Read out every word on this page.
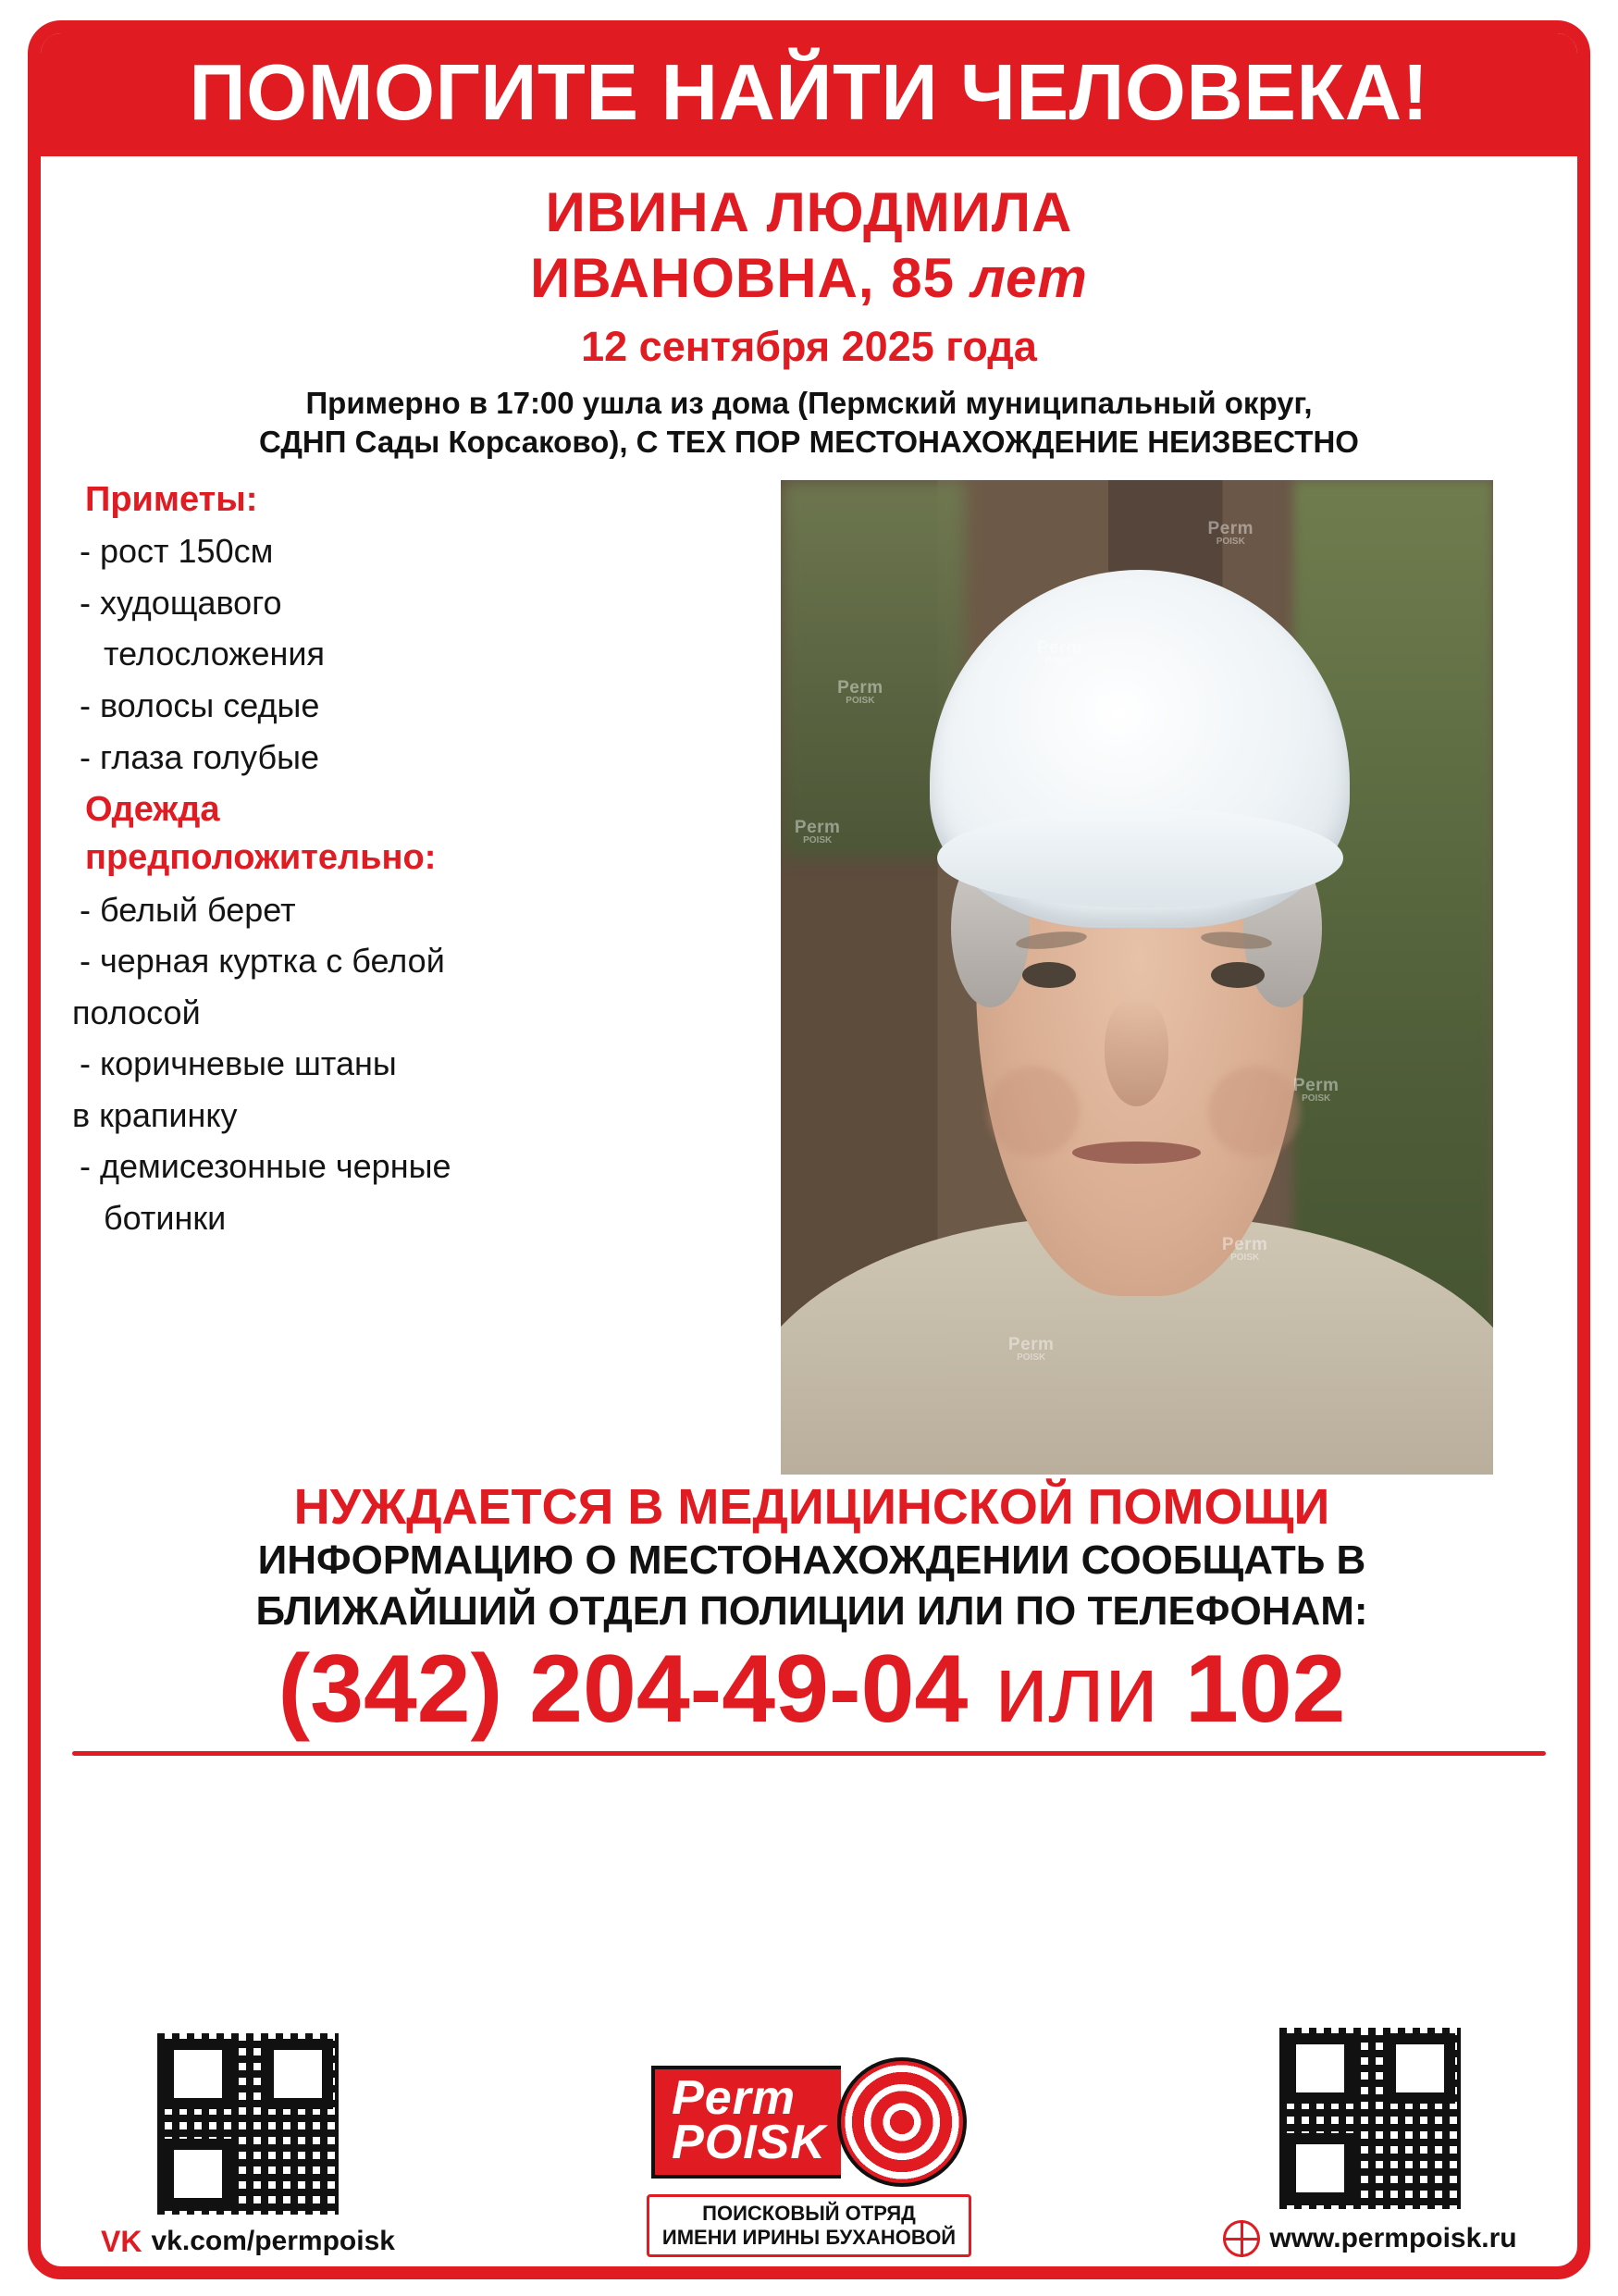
ПОМОГИТЕ НАЙТИ ЧЕЛОВЕКА!
ИВИНА ЛЮДМИЛА
ИВАНОВНА, 85 лет
12 сентября 2025 года
Примерно в 17:00 ушла из дома (Пермский муниципальный округ,
СДНП Сады Корсаково), С ТЕХ ПОР МЕСТОНАХОЖДЕНИЕ НЕИЗВЕСТНО
Приметы:
- рост 150см
- худощавого
телосложения
- волосы седые
- глаза голубые
Одежда
предположительно:
- белый берет
- черная куртка с белой
полосой
- коричневые штаны
в крапинку
- демисезонные черные
ботинки
Perm
POISK
Perm
POISK
Perm
POISK
Perm
POISK
Perm
POISK
Perm
POISK
Perm
POISK
НУЖДАЕТСЯ В МЕДИЦИНСКОЙ ПОМОЩИ
ИНФОРМАЦИЮ О МЕСТОНАХОЖДЕНИИ СООБЩАТЬ В
БЛИЖАЙШИЙ ОТДЕЛ ПОЛИЦИИ ИЛИ ПО ТЕЛЕФОНАМ:
(342) 204-49-04 или 102
VK vk.com/permpoisk
Perm
POISK
ПОИСКОВЫЙ ОТРЯД
ИМЕНИ ИРИНЫ БУХАНОВОЙ	www.permpoisk.ru
